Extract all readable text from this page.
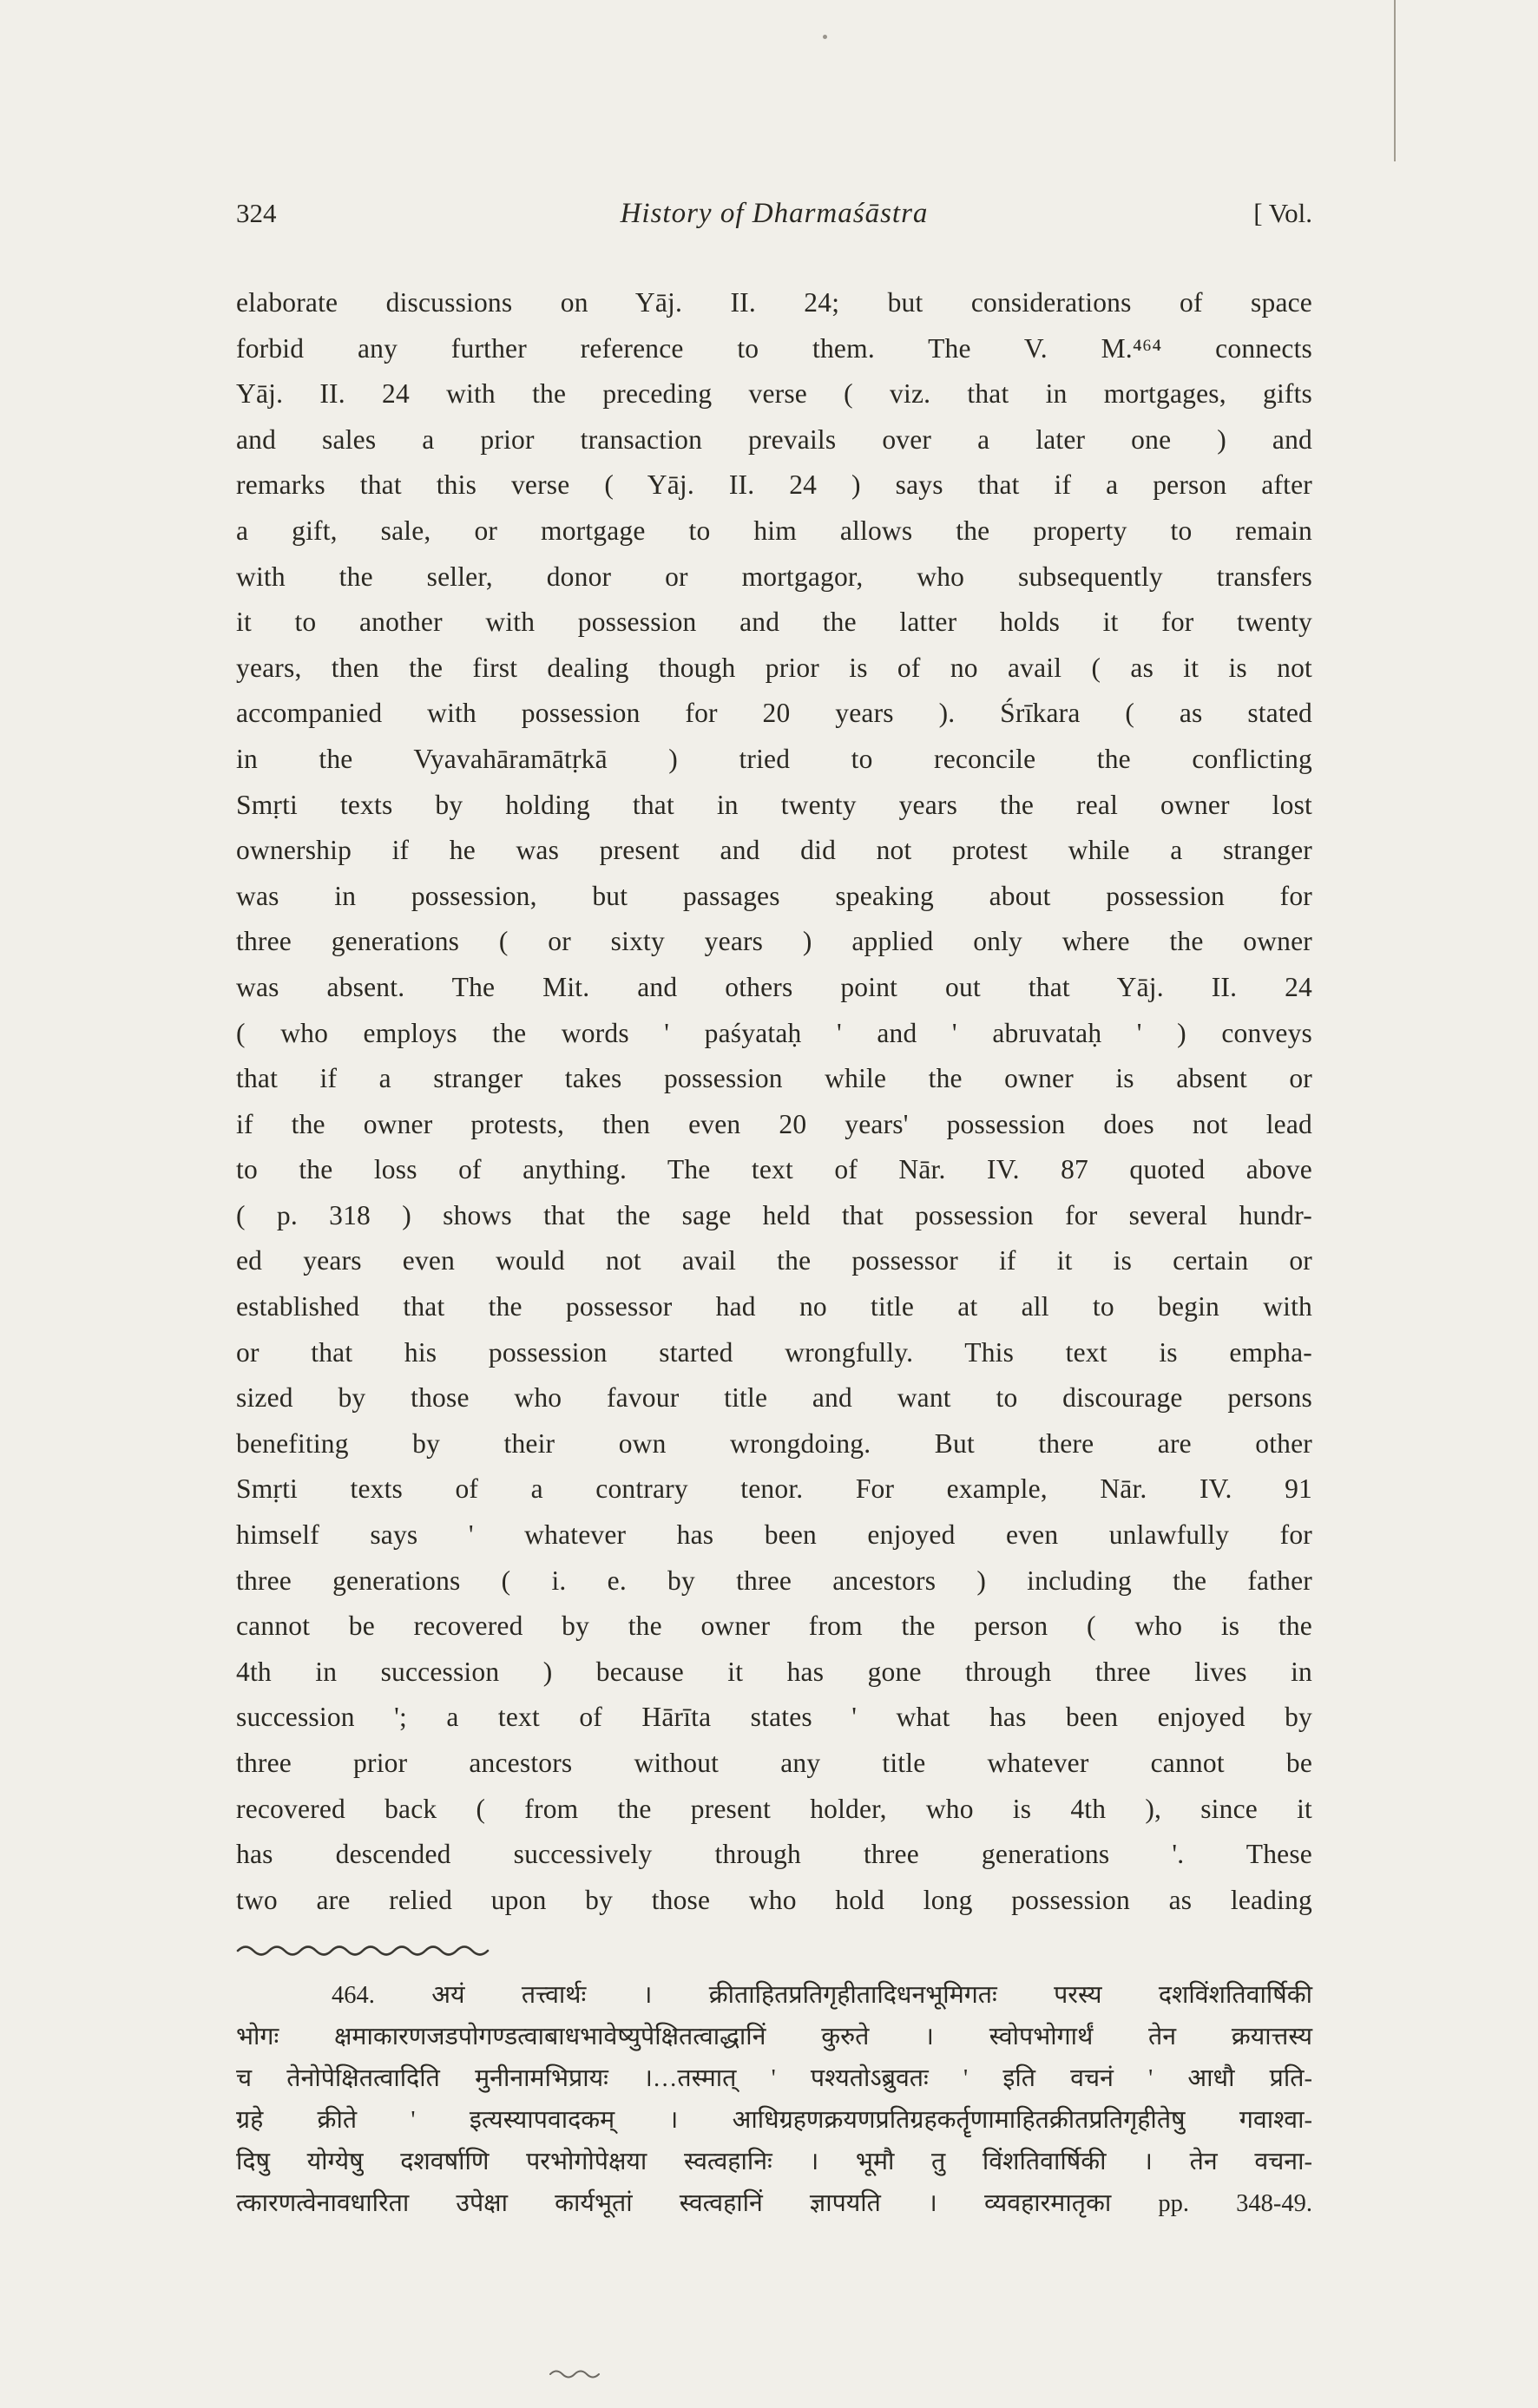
324	History of Dharmaśāstra	[ Vol.
elaborate discussions on Yāj. II. 24; but considerations of space
forbid any further reference to them. The V. M.⁴⁶⁴ connects
Yāj. II. 24 with the preceding verse ( viz. that in mortgages, gifts
and sales a prior transaction prevails over a later one ) and
remarks that this verse ( Yāj. II. 24 ) says that if a person after
a gift, sale, or mortgage to him allows the property to remain
with the seller, donor or mortgagor, who subsequently transfers
it to another with possession and the latter holds it for twenty
years, then the first dealing though prior is of no avail ( as it is not
accompanied with possession for 20 years ). Śrīkara ( as stated
in the Vyavahāramātṛkā ) tried to reconcile the conflicting
Smṛti texts by holding that in twenty years the real owner lost
ownership if he was present and did not protest while a stranger
was in possession, but passages speaking about possession for
three generations ( or sixty years ) applied only where the owner
was absent. The Mit. and others point out that Yāj. II. 24
( who employs the words ' paśyataḥ ' and ' abruvataḥ ' ) conveys
that if a stranger takes possession while the owner is absent or
if the owner protests, then even 20 years' possession does not lead
to the loss of anything. The text of Nār. IV. 87 quoted above
( p. 318 ) shows that the sage held that possession for several hundr-
ed years even would not avail the possessor if it is certain or
established that the possessor had no title at all to begin with
or that his possession started wrongfully. This text is empha-
sized by those who favour title and want to discourage persons
benefiting by their own wrongdoing. But there are other
Smṛti texts of a contrary tenor. For example, Nār. IV. 91
himself says ' whatever has been enjoyed even unlawfully for
three generations ( i. e. by three ancestors ) including the father
cannot be recovered by the owner from the person ( who is the
4th in succession ) because it has gone through three lives in
succession '; a text of Hārīta states ' what has been enjoyed by
three prior ancestors without any title whatever cannot be
recovered back ( from the present holder, who is 4th ), since it
has descended successively through three generations '. These
two are relied upon by those who hold long possession as leading
464. अयं तत्त्वार्थः । क्रीताहितप्रतिगृहीतादिधनभूमिगतः परस्य दशविंशतिवार्षिकी
भोगः क्षमाकारणजडपोगण्डत्वाबाधभावेष्युपेक्षितत्वाद्धानिं कुरुते । स्वोपभोगार्थं तेन क्रयात्तस्य
च तेनोपेक्षितत्वादिति मुनीनामभिप्रायः ।…तस्मात् ' पश्यतोऽब्रुवतः ' इति वचनं ' आधौ प्रति-
ग्रहे क्रीते ' इत्यस्यापवादकम् । आधिग्रहणक्रयणप्रतिग्रहकर्तॄणामाहितक्रीतप्रतिगृहीतेषु गवाश्वा-
दिषु योग्येषु दशवर्षाणि परभोगोपेक्षया स्वत्वहानिः । भूमौ तु विंशतिवार्षिकी । तेन वचना-
त्कारणत्वेनावधारिता उपेक्षा कार्यभूतां स्वत्वहानिं ज्ञापयति । व्यवहारमातृका pp. 348-49.
